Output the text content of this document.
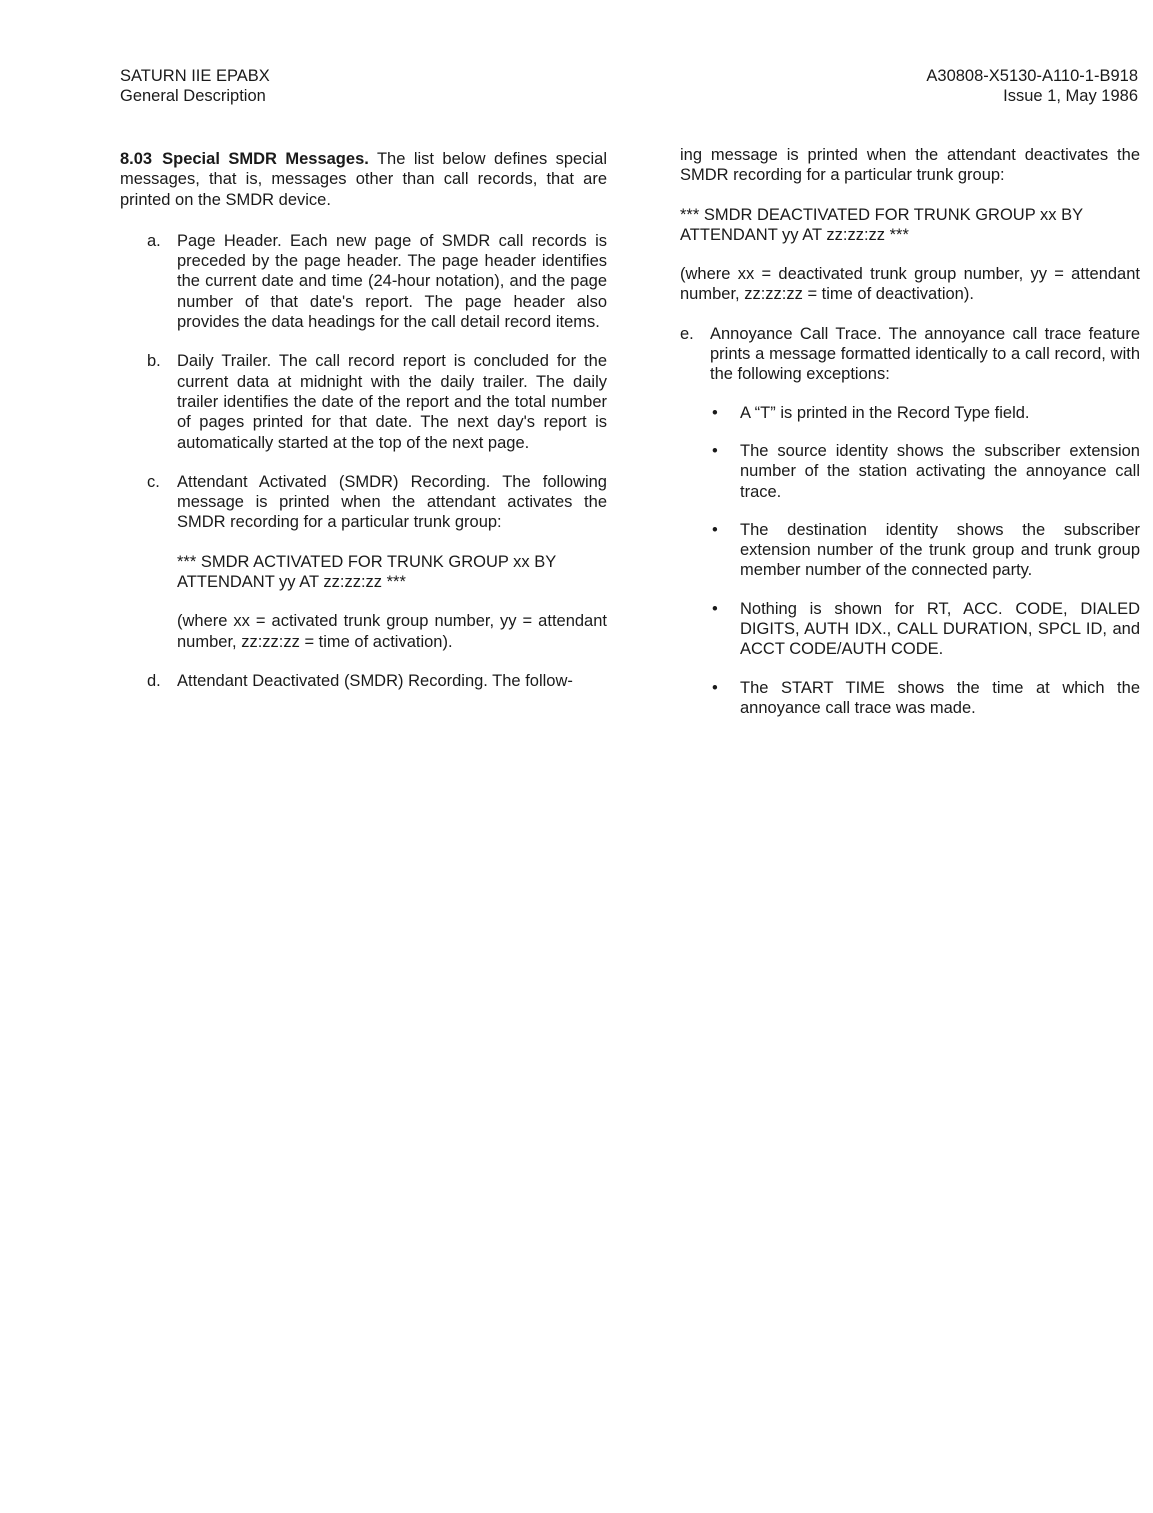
SATURN IIE EPABX
General Description
A30808-X5130-A110-1-B918
Issue 1, May 1986

8.03 Special SMDR Messages. The list below defines special messages, that is, messages other than call records, that are printed on the SMDR device.

a. Page Header. Each new page of SMDR call records is preceded by the page header. The page header identifies the current date and time (24-hour notation), and the page number of that date's report. The page header also provides the data headings for the call detail record items.

b. Daily Trailer. The call record report is concluded for the current data at midnight with the daily trailer. The daily trailer identifies the date of the report and the total number of pages printed for that date. The next day's report is automatically started at the top of the next page.

c. Attendant Activated (SMDR) Recording. The following message is printed when the attendant activates the SMDR recording for a particular trunk group:

*** SMDR ACTIVATED FOR TRUNK GROUP xx BY ATTENDANT yy AT zz:zz:zz ***

(where xx = activated trunk group number, yy = attendant number, zz:zz:zz = time of activation).

d. Attendant Deactivated (SMDR) Recording. The follow-

ing message is printed when the attendant deactivates the SMDR recording for a particular trunk group:

*** SMDR DEACTIVATED FOR TRUNK GROUP xx BY ATTENDANT yy AT zz:zz:zz ***

(where xx = deactivated trunk group number, yy = attendant number, zz:zz:zz = time of deactivation).

e. Annoyance Call Trace. The annoyance call trace feature prints a message formatted identically to a call record, with the following exceptions:

• A “T” is printed in the Record Type field.

• The source identity shows the subscriber extension number of the station activating the annoyance call trace.

• The destination identity shows the subscriber extension number of the trunk group and trunk group member number of the connected party.

• Nothing is shown for RT, ACC. CODE, DIALED DIGITS, AUTH IDX., CALL DURATION, SPCL ID, and ACCT CODE/AUTH CODE.

• The START TIME shows the time at which the annoyance call trace was made.
